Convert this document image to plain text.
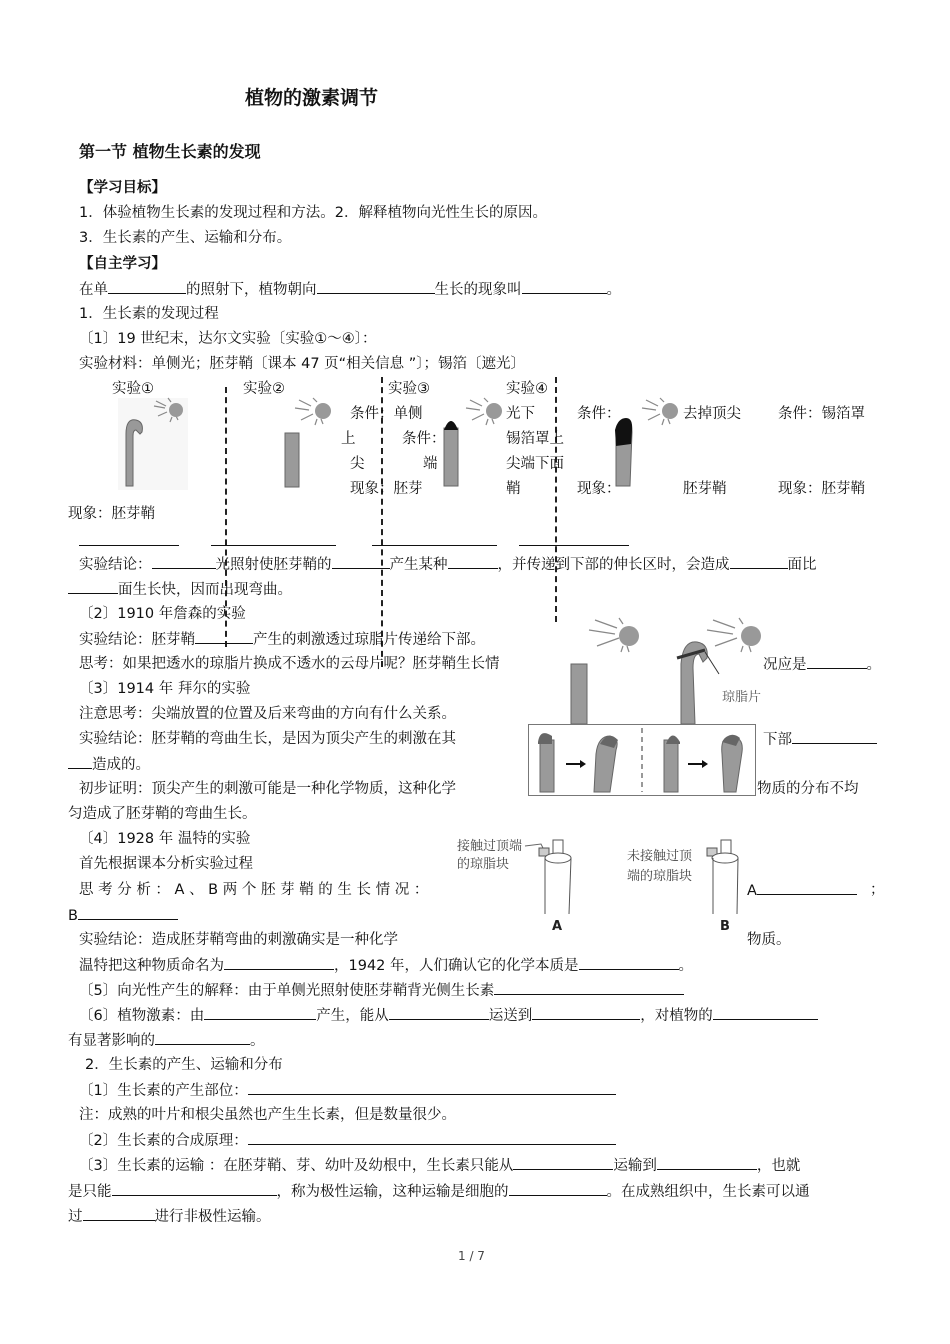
植物的激素调节
第一节 植物生长素的发现
【学习目标】
1．体验植物生长素的发现过程和方法。2．解释植物向光性生长的原因。
3．生长素的产生、运输和分布。
【自主学习】
在单	的照射下，植物朝向	生长的现象叫	。
1．生长素的发现过程
〔1〕19 世纪末，达尔文实验〔实验①～④〕：
实验材料：单侧光；胚芽鞘〔课本 47 页“相关信息 ”〕；锡箔〔遮光〕
实验①	实验②	实验③	实验④
条件：单侧	光下	条件：	去掉顶尖	条件：锡箔罩
上	条件：	锡箔罩上
尖	端	尖端下面
现象：胚芽	鞘	现象：	胚芽鞘	现象：胚芽鞘
现象：胚芽鞘
实验结论：	光照射使胚芽鞘的	产生某种	，并传递到下部的伸长区时，会造成	面比
面生长快，因而出现弯曲。
〔2〕1910 年詹森的实验
实验结论：胚芽鞘	产生的刺激透过琼脂片传递给下部。
思考：如果把透水的琼脂片换成不透水的云母片呢？胚芽鞘生长情	况应是	。
琼脂片
〔3〕1914 年 拜尔的实验
注意思考：尖端放置的位置及后来弯曲的方向有什么关系。
实验结论：胚芽鞘的弯曲生长，是因为顶尖产生的刺激在其	下部
造成的。
初步证明：顶尖产生的刺激可能是一种化学物质，这种化学	物质的分布不均
匀造成了胚芽鞘的弯曲生长。
〔4〕1928 年 温特的实验
首先根据课本分析实验过程
思 考 分 析 ： A 、 B 两 个 胚 芽 鞘 的 生 长 情 况 ：	A	；
B
接触过顶端
的琼脂块
A
未接触过顶
端的琼脂块
B
实验结论：造成胚芽鞘弯曲的刺激确实是一种化学	物质。
温特把这种物质命名为	，1942 年，人们确认它的化学本质是	。
〔5〕向光性产生的解释：由于单侧光照射使胚芽鞘背光侧生长素
〔6〕植物激素：由	产生，能从	运送到	，对植物的
有显著影响的	。
2．生长素的产生、运输和分布
〔1〕生长素的产生部位：
注：成熟的叶片和根尖虽然也产生生长素，但是数量很少。
〔2〕生长素的合成原理：
〔3〕生长素的运输 ：在胚芽鞘、芽、幼叶及幼根中，生长素只能从	运输到	，也就
是只能	，称为极性运输，这种运输是细胞的	。在成熟组织中，生长素可以通
过	进行非极性运输。
1 / 7
